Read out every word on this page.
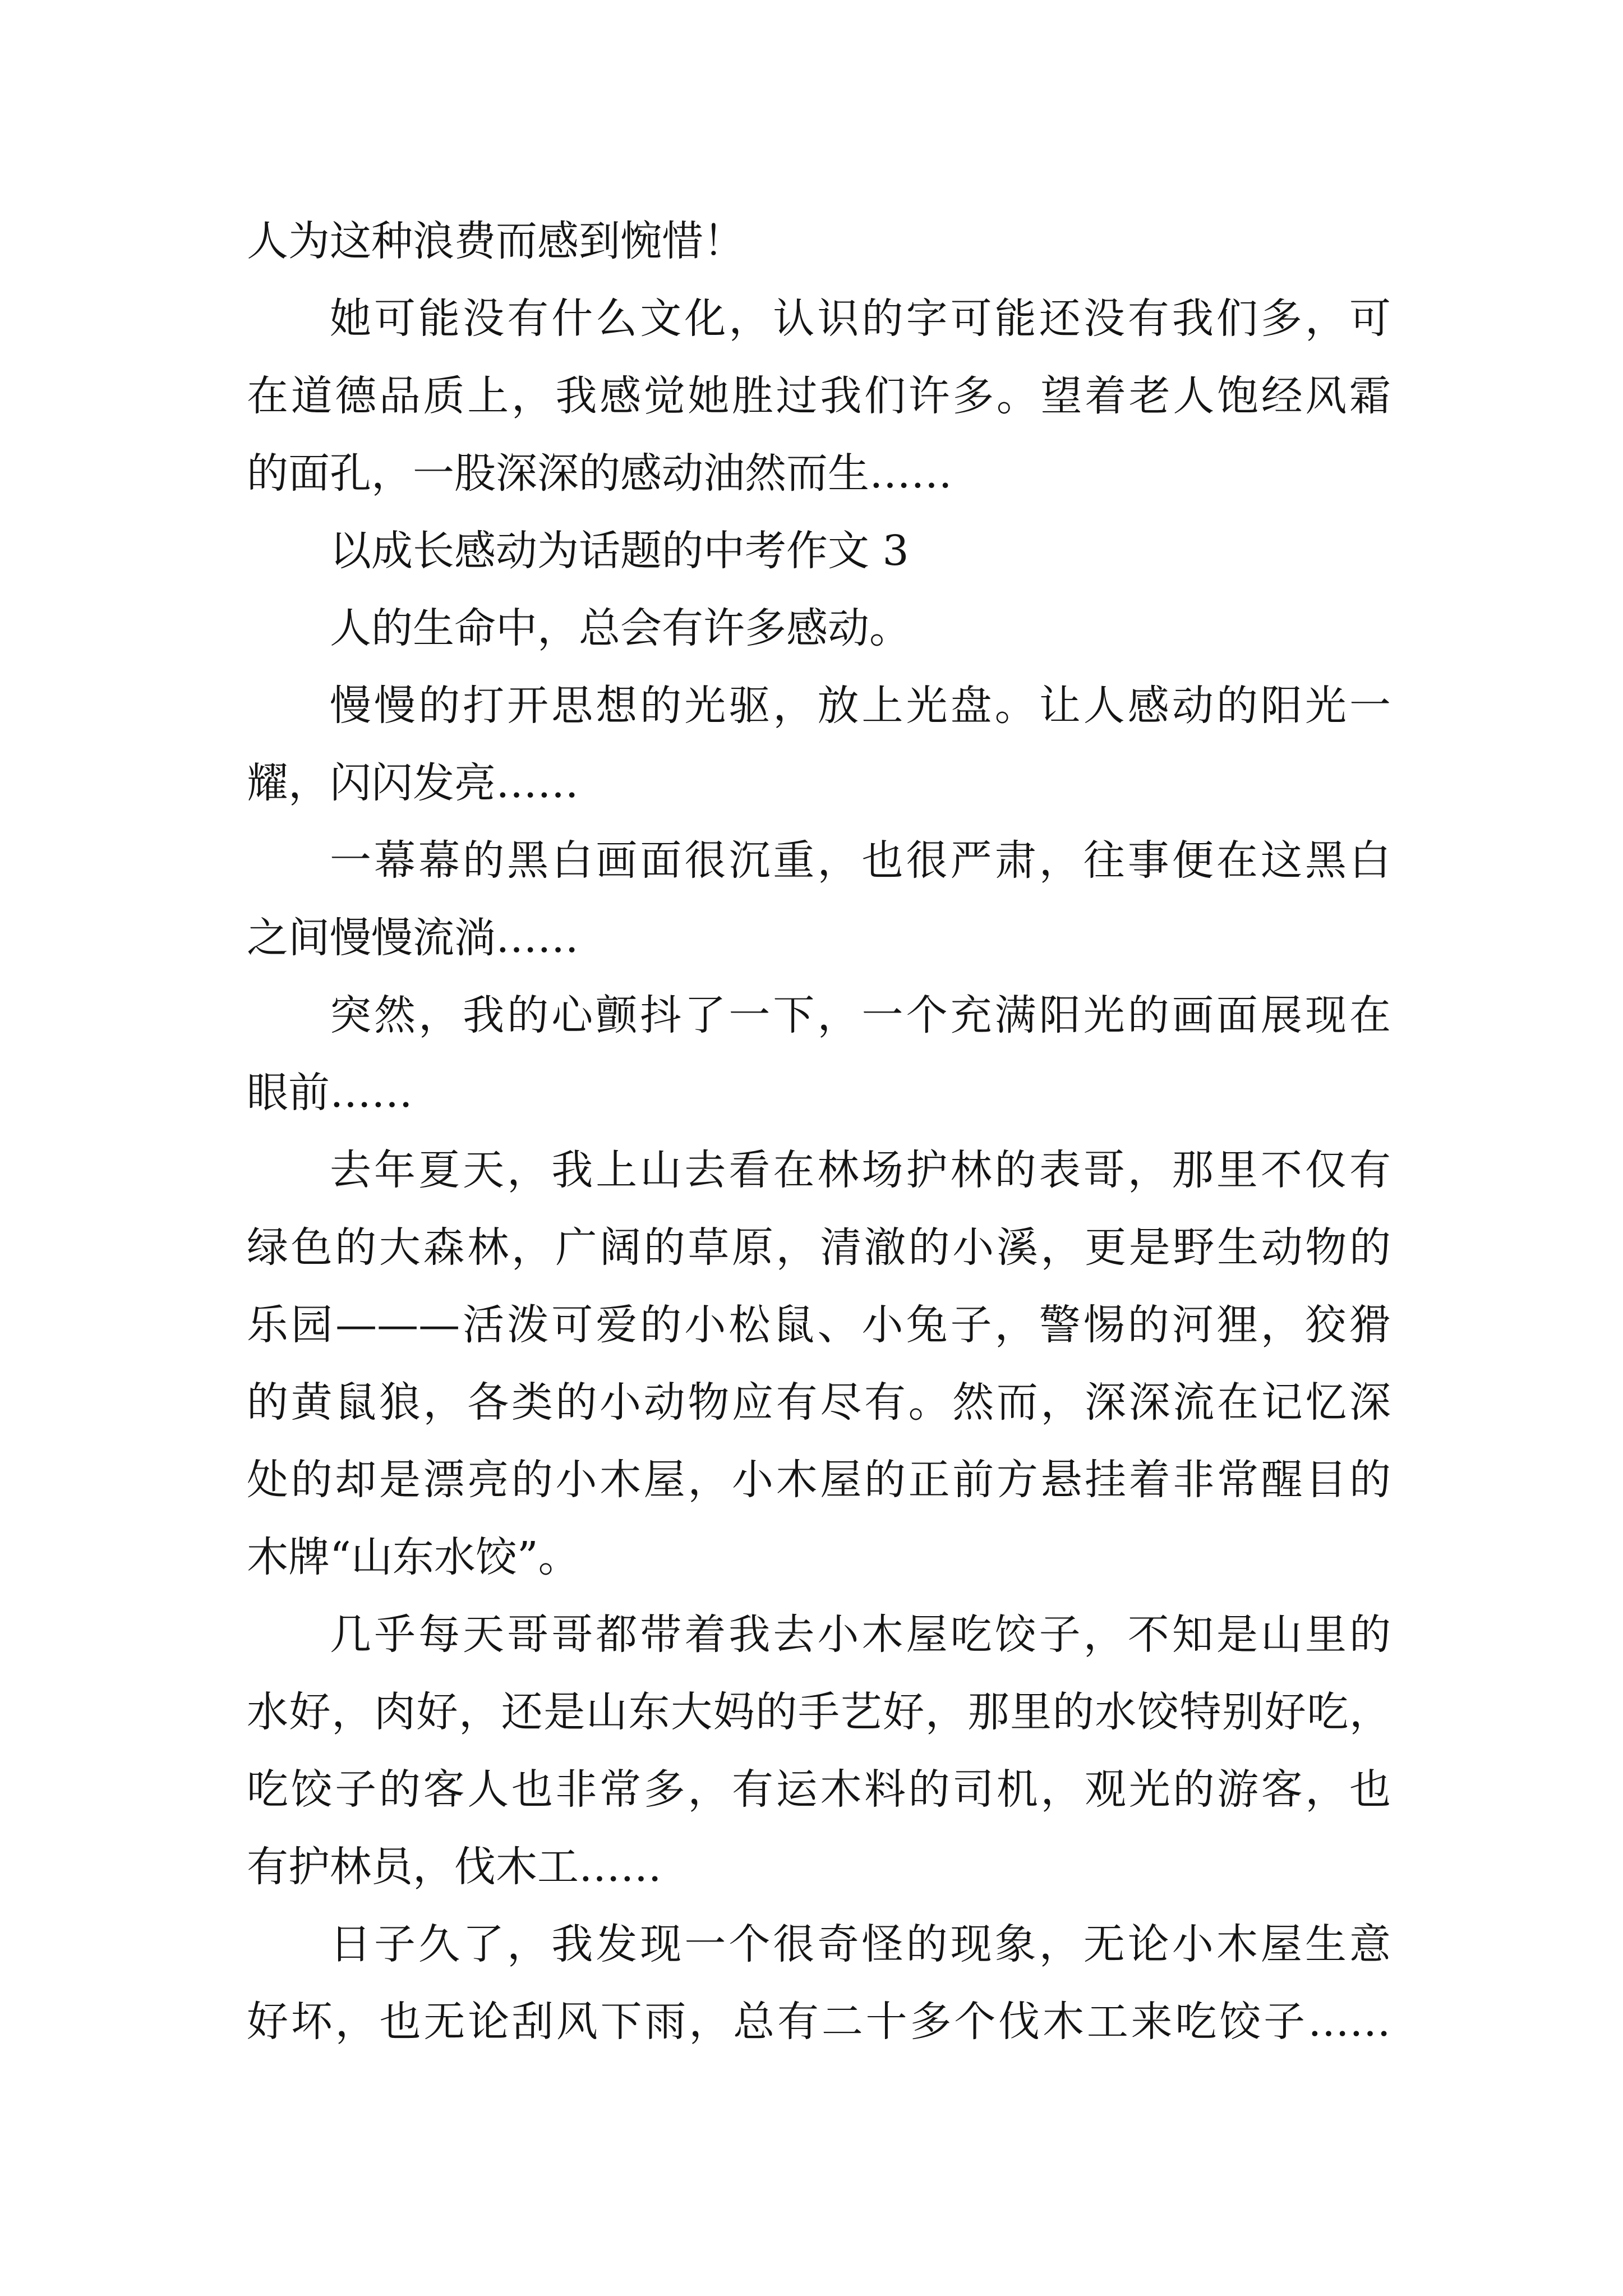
人为这种浪费而感到惋惜！
她可能没有什么文化，认识的字可能还没有我们多，可
在道德品质上，我感觉她胜过我们许多。望着老人饱经风霜
的面孔，一股深深的感动油然而生……
以成长感动为话题的中考作文 3
人的生命中，总会有许多感动。
慢慢的打开思想的光驱，放上光盘。让人感动的阳光一
耀，闪闪发亮……
一幕幕的黑白画面很沉重，也很严肃，往事便在这黑白
之间慢慢流淌……
突然，我的心颤抖了一下，一个充满阳光的画面展现在
眼前……
去年夏天，我上山去看在林场护林的表哥，那里不仅有
绿色的大森林，广阔的草原，清澈的小溪，更是野生动物的
乐园———活泼可爱的小松鼠、小兔子，警惕的河狸，狡猾
的黄鼠狼，各类的小动物应有尽有。然而，深深流在记忆深
处的却是漂亮的小木屋，小木屋的正前方悬挂着非常醒目的
木牌“山东水饺”。
几乎每天哥哥都带着我去小木屋吃饺子，不知是山里的
水好，肉好，还是山东大妈的手艺好，那里的水饺特别好吃，
吃饺子的客人也非常多，有运木料的司机，观光的游客，也
有护林员，伐木工……
日子久了，我发现一个很奇怪的现象，无论小木屋生意
好坏，也无论刮风下雨，总有二十多个伐木工来吃饺子……
